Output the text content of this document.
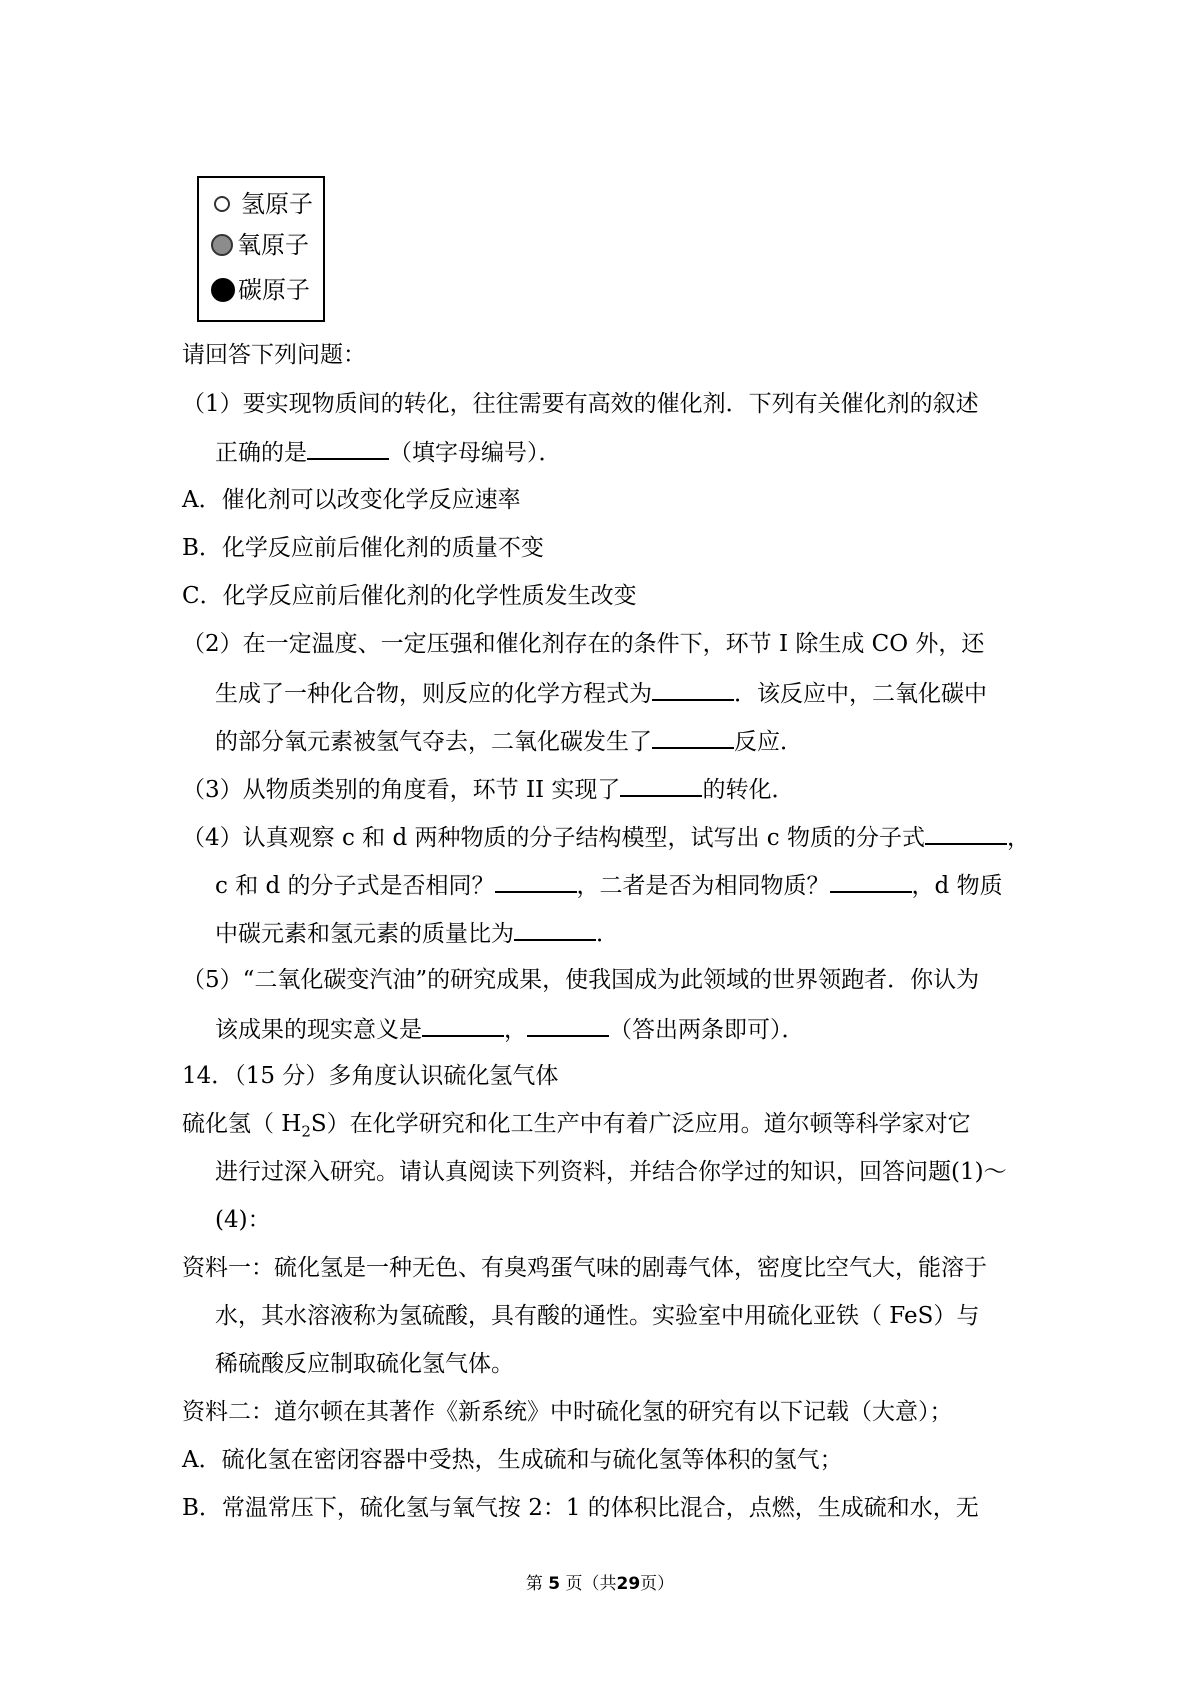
氢原子
氧原子
碳原子
请回答下列问题：
（1）要实现物质间的转化，往往需要有高效的催化剂．下列有关催化剂的叙述
正确的是	（填字母编号）．
A．催化剂可以改变化学反应速率
B．化学反应前后催化剂的质量不变
C．化学反应前后催化剂的化学性质发生改变
（2）在一定温度、一定压强和催化剂存在的条件下，环节 I 除生成 CO 外，还
生成了一种化合物，则反应的化学方程式为	．该反应中，二氧化碳中
的部分氧元素被氢气夺去，二氧化碳发生了	反应．
（3）从物质类别的角度看，环节 II 实现了	的转化．
（4）认真观察 c 和 d 两种物质的分子结构模型，试写出 c 物质的分子式	，
c 和 d 的分子式是否相同？	，二者是否为相同物质？	，d 物质
中碳元素和氢元素的质量比为	．
（5）“二氧化碳变汽油”的研究成果，使我国成为此领域的世界领跑者．你认为
该成果的现实意义是	，	（答出两条即可）．
14．（15 分）多角度认识硫化氢气体
硫化氢（ $H_2S$）在化学研究和化工生产中有着广泛应用。道尔顿等科学家对它
进行过深入研究。请认真阅读下列资料，并结合你学过的知识，回答问题(1)～
(4)：
资料一：硫化氢是一种无色、有臭鸡蛋气味的剧毒气体，密度比空气大，能溶于
水，其水溶液称为氢硫酸，具有酸的通性。实验室中用硫化亚铁（ FeS）与
稀硫酸反应制取硫化氢气体。
资料二：道尔顿在其著作《新系统》中时硫化氢的研究有以下记载（大意）；
A．硫化氢在密闭容器中受热，生成硫和与硫化氢等体积的氢气；
B．常温常压下，硫化氢与氧气按 2：1 的体积比混合，点燃，生成硫和水，无
第 5 页（共29页）
